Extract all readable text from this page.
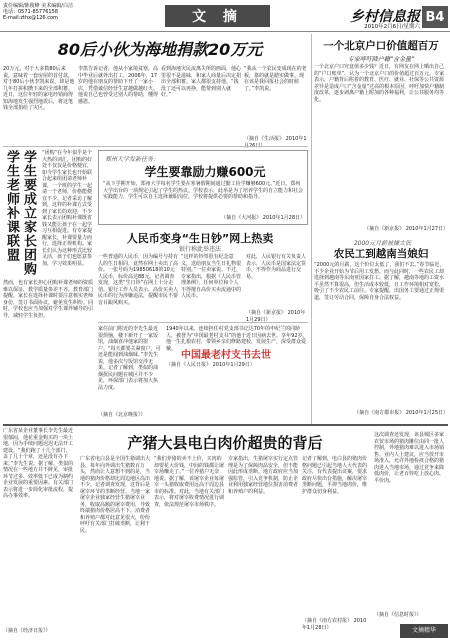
责任编辑/陈俊峰 美术编辑/白洁
电话：0571-85776158
E-mail:zthx@126.com	文 摘	乡村信息报
2010年2月6日/星期六
B4
80后小伙为海地捐款20万元
20万元，对于大多数80后来说，意味着一套房屋的首付款，对于80后小伙李凯来说，却是他几年打拼积攒下来的全部积蓄。近日，这位年轻的家电经销商得知海地发生强烈地震后，将这笔钱全部捐给了灾区。
李凯告诉记者，他从小家境贫寒，高中毕业后就外出打工，2006年，17岁的他在朋友的帮助下开了一家小店，凭借诚信经营生意越做越红火。他说自己也曾受过别人的帮助，懂得感恩。
看到海地灾民流离失所的画面，他心里很不是滋味，和家人商量后决定捐出全部积蓄。家人都很支持他。“钱没了还可以再挣，能帮到别人就好。”
“我从一个农民变成现在的老板，靠的就是踏实做事。现在该是我回报社会的时候了。”李凯说。
（摘自《生活报》 2010年1月26日）
学生要成立家长团购
学生老师补课联盟	“团购”在今年似乎是个大热的词汇，团购的好处不仅仅是价格便宜，如今学生家长也开始联合起来组团请老师补课，一个班的学生一起请一个老师，价格能便宜不少。记者采访了解到，这样的补课方式受到了家长的欢迎，不少家长表示团购补课既省钱又能让孩子在一起学习互相促进。有专家提醒家长，补课要量力而行，选择正规机构。家长们认为这种形式比较灵活，孩子们也愿意参加，学习效果明显。
然而，也有家长担心团购补课老师的资质难以保证，教学质量参差不齐。教育部门提醒，家长在选择补课时要注意核实老师身份，签订书面协议，避免发生纠纷。同时，学校也应当加强对学生课外辅导的引导，减轻学生负担。
郑州大学发新任务：
学生要靠励力赚600元
“从下学期开始，郑州大学每名学生要在寒暑假期间通过勤工俭学赚够600元。”近日，郑州大学出台的一项规定引起了学生的热议。学校表示，此举是为了培养学生的自立能力和社会实践能力，学生可以自主选择兼职岗位，学校将提供必要的帮助和指导。
（摘自《大河报》 2010年1月28日）
人民币变身“生日钞”网上热卖
银行称此举违法
一些普通的人民币，因为编号与持有人的生日相同，竟然在网上卖出了高价。一张号码为19850618的10元人民币，标价高达88元。记者调查发现，这类“生日钞”在网上十分走俏。银行工作人员表示，高价买卖人民币的行为涉嫌违法，提醒市民不要盲目跟风购买。
“这样的钞票很有纪念意义，送给朋友当生日礼物很特别。”一位卖家说。不过，专家指出，根据《人民币管理条例》，任何单位和个人不得擅自高价买卖流通中的人民币。
对此，人民银行有关负责人表示，人民币是国家法定货币，不得作为商品进行交易。
（摘自《新京报》 2010年1月29日）
家住前门附近的李先生最近很烦恼，楼下新开了一家饭馆，油烟直冲他家的窗户。“每天都要关紧窗户，可还是能闻到油烟味。”李先生说，他多次与饭馆交涉无果。记者了解到，类似的油烟扰民问题在城区并不少见，环保部门表示将加大执法力度。
（摘自《北京晚报》）
中国最老村支书去世
1940年以来，连续担任村党支部书记达70年的申纪兰的同龄人，被誉为“中国最老村支书”的他于近日因病去世，享年92岁。他一生扎根农村，带领乡亲们修路建校，发展生产，深受群众爱戴。
（摘自《人民日报》 2010年1月29日）
一个北京户口价值超百万
专家呼吁降户籍“含金量”
一个北京户口究竟值多少钱？近日，有网友在网上晒出自己的“户口账单”，认为一个北京户口的价值超过百万元。专家表示，户籍背后附着的教育、医疗、就业、社保等公共资源差异是造成户口“含金量”过高的根本原因，呼吁加快户籍制度改革，逐步剥离户籍上附加的各种福利，让公共服务均等化。
（摘自《新京报》 2010年1月27日）
2000元月薪被嫌太低
农民工到越南当娘妇
“2000元的月薪，这个价位太低了，我们不去。”春节临近，不少企业开始为节后用工发愁。而与此同时，一些农民工却选择到越南等东南亚国家打工。据了解，越南等地的工资水平虽然不算很高，但生活成本较低，且工作环境相对宽松，吸引了不少农民工前往。专家提醒，出国务工要通过正规渠道，签订劳动合同，保障自身合法权益。
（摘自《南方都市报》 2010年1月25日）
广东省某企业董事长李先生最近很郁闷，他花重金购买的一块土地，因为手续问题迟迟无法开工建设。“我们跑了十几个部门，盖了几十个章，还是没有办下来。”李先生说。据了解，类似的情况在一些地方并不鲜见，审批环节过多、效率低下已成为制约企业发展的重要因素。有关部门表示将进一步简化审批流程，提高办事效率。
（摘自《经济日报》）
产猪大县电白肉价超贵的背后
广东省电白县是全国生猪调出大县，每年向外调出生猪数百万头，然而让人意想不到的是，当地的猪肉价格却比周边地区高出不少。记者调查发现，这背后是屠宰环节的垄断经营。当地一家屠宰企业独家经营生猪屠宰业务，收取高额的屠宰费用，导致终端猪肉价格居高不下。消费者和养殖户都对此意见很大，纷纷呼吁有关部门打破垄断，让利于民。
“我们养猪的卖不上价，买肉的却要花大价钱，中间的钱都让屠宰场赚走了。”一位养猪户无奈地说。据了解，该屠宰企业每屠宰一头猪收取费用远高于周边县市的标准。对此，当地有关部门表示，将对屠宰收费情况进行调查，依法规范屠宰市场秩序。
专家指出，生猪屠宰实行定点管理是为了保障肉品安全，但不能因此形成垄断。地方政府应当加强监管，引入竞争机制，防止企业利用独家经营地位损害消费者和养殖户的利益。
记者了解到，电白县的猪肉价格问题已引起当地人大代表的关注，有代表提出议案，要求政府尽快出台措施，解决屠宰垄断问题，平抑当地肉价，维护群众切身利益。
（摘自《南方农村报》 2010年1月28日）
这次调查还发现，该县城区多家农贸市场的猪肉摊位由同一批人控制，外地猪肉难以进入市场销售。业内人士建议，应当放开市场准入，允许外地检疫合格的猪肉进入当地市场，通过竞争来降低肉价，让老百姓吃上放心肉、平价肉。
（摘自《信息时报》）
文摘精华
